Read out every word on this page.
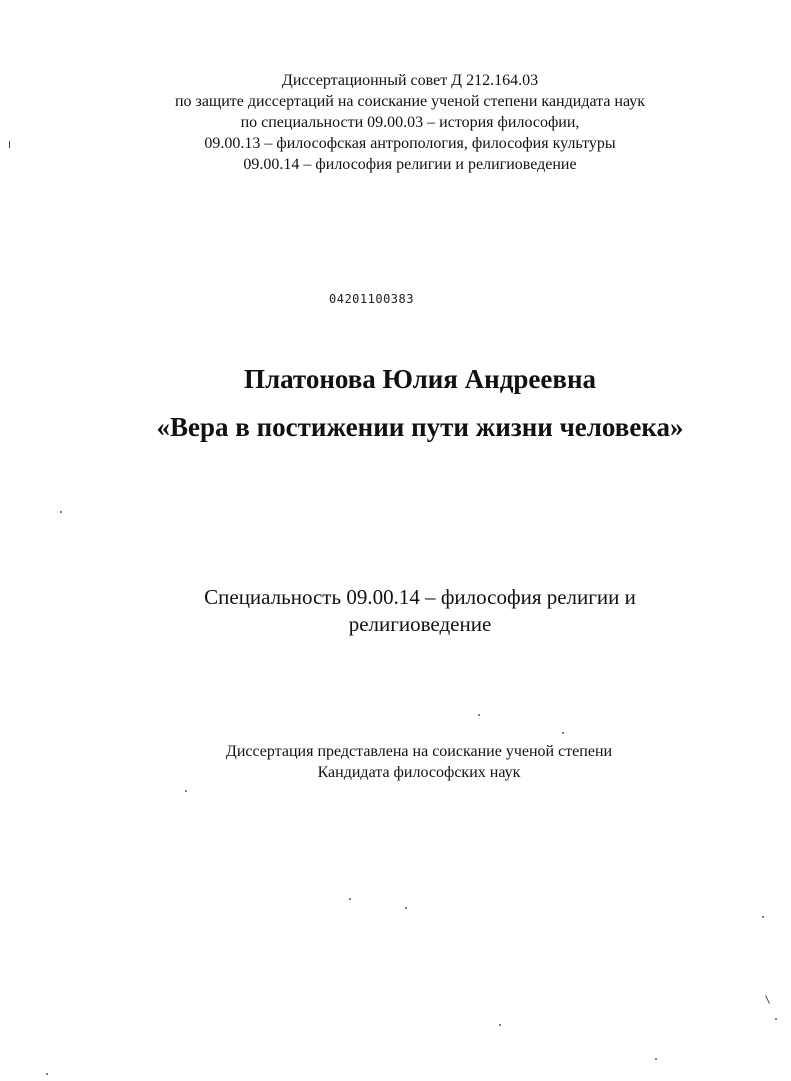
Диссертационный совет Д 212.164.03
по защите диссертаций на соискание ученой степени кандидата наук
по специальности 09.00.03 – история философии,
09.00.13 – философская антропология, философия культуры
09.00.14 – философия религии и религиоведение
04201100383
Платонова Юлия Андреевна
«Вера в постижении пути жизни человека»
Специальность 09.00.14 – философия религии и
религиоведение
Диссертация представлена на соискание ученой степени
Кандидата философских наук
